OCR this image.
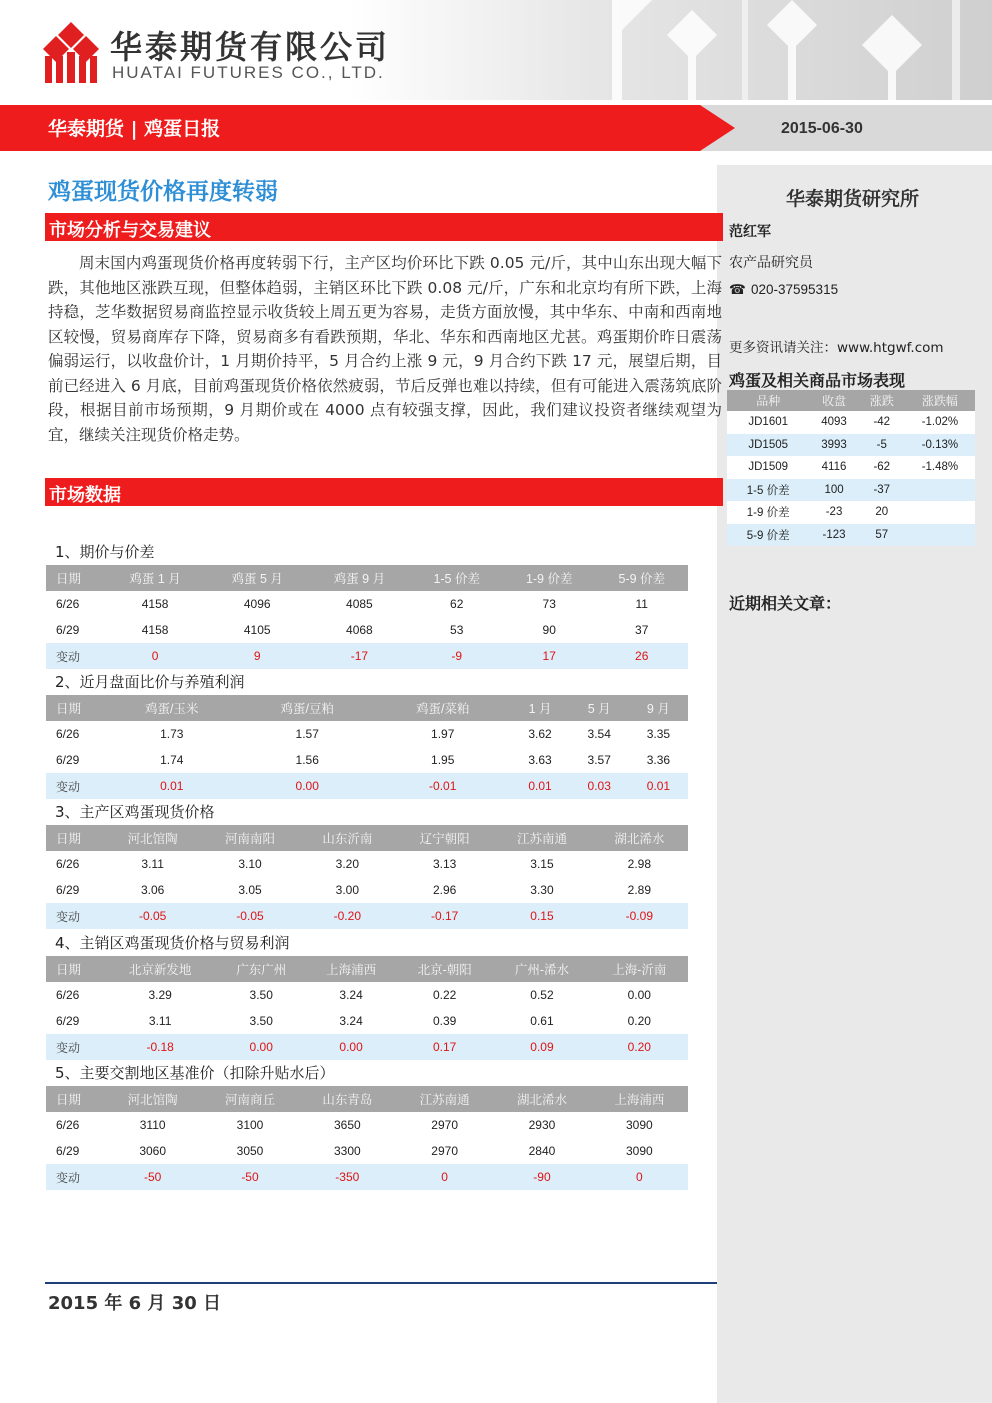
华泰期货有限公司
HUATAI FUTURES CO., LTD.
华泰期货 | 鸡蛋日报	2015-06-30
鸡蛋现货价格再度转弱
市场分析与交易建议
周末国内鸡蛋现货价格再度转弱下行，主产区均价环比下跌 0.05 元/斤，其中山东出现大幅下跌，其他地区涨跌互现，但整体趋弱，主销区环比下跌 0.08 元/斤，广东和北京均有所下跌，上海持稳，芝华数据贸易商监控显示收货较上周五更为容易，走货方面放慢，其中华东、中南和西南地区较慢，贸易商库存下降，贸易商多有看跌预期，华北、华东和西南地区尤甚。鸡蛋期价昨日震荡偏弱运行，以收盘价计，1 月期价持平，5 月合约上涨 9 元，9 月合约下跌 17 元，展望后期，目前已经进入 6 月底，目前鸡蛋现货价格依然疲弱，节后反弹也难以持续，但有可能进入震荡筑底阶段，根据目前市场预期，9 月期价或在 4000 点有较强支撑，因此，我们建议投资者继续观望为宜，继续关注现货价格走势。
市场数据
1、期价与价差
日期	鸡蛋 1 月	鸡蛋 5 月	鸡蛋 9 月	1-5 价差	1-9 价差	5-9 价差
6/26	4158	4096	4085	62	73	11
6/29	4158	4105	4068	53	90	37
变动	0	9	-17	-9	17	26
2、近月盘面比价与养殖利润
日期	鸡蛋/玉米	鸡蛋/豆粕	鸡蛋/菜粕	1 月	5 月	9 月
6/26	1.73	1.57	1.97	3.62	3.54	3.35
6/29	1.74	1.56	1.95	3.63	3.57	3.36
变动	0.01	0.00	-0.01	0.01	0.03	0.01
3、主产区鸡蛋现货价格
日期	河北馆陶	河南南阳	山东沂南	辽宁朝阳	江苏南通	湖北浠水
6/26	3.11	3.10	3.20	3.13	3.15	2.98
6/29	3.06	3.05	3.00	2.96	3.30	2.89
变动	-0.05	-0.05	-0.20	-0.17	0.15	-0.09
4、主销区鸡蛋现货价格与贸易利润
日期	北京新发地	广东广州	上海浦西	北京-朝阳	广州-浠水	上海-沂南
6/26	3.29	3.50	3.24	0.22	0.52	0.00
6/29	3.11	3.50	3.24	0.39	0.61	0.20
变动	-0.18	0.00	0.00	0.17	0.09	0.20
5、主要交割地区基准价（扣除升贴水后）
日期	河北馆陶	河南商丘	山东青岛	江苏南通	湖北浠水	上海浦西
6/26	3110	3100	3650	2970	2930	3090
6/29	3060	3050	3300	2970	2840	3090
变动	-50	-50	-350	0	-90	0
2015 年 6 月 30 日
华泰期货研究所
范红军
农产品研究员
☎ 020-37595315
更多资讯请关注：www.htgwf.com
鸡蛋及相关商品市场表现
品种	收盘	涨跌	涨跌幅
JD1601	4093	-42	-1.02%
JD1505	3993	-5	-0.13%
JD1509	4116	-62	-1.48%
1-5 价差	100	-37	
1-9 价差	-23	20	
5-9 价差	-123	57	
近期相关文章：
